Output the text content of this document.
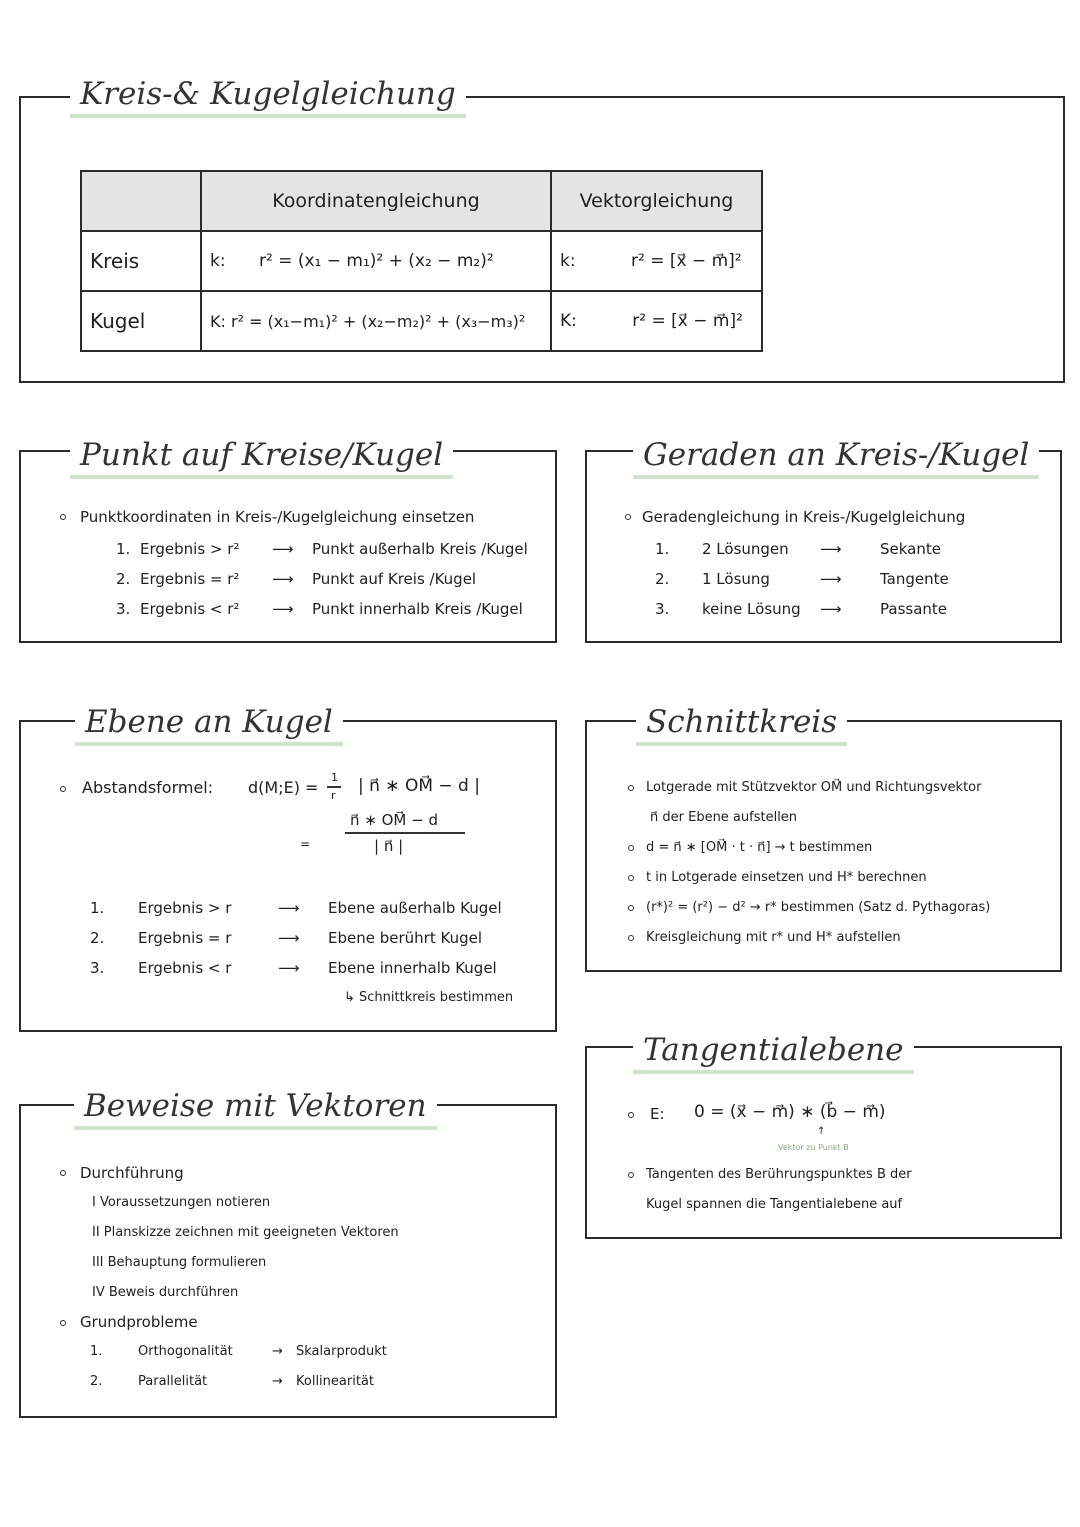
Kreis-& Kugelgleichung
	Koordinatengleichung	Vektorgleichung
Kreis	k: r² = (x₁ − m₁)² + (x₂ − m₂)²	k: r² = [x⃗ − m⃗]²
Kugel	K: r² = (x₁−m₁)² + (x₂−m₂)² + (x₃−m₃)²	K: r² = [x⃗ − m⃗]²
Punkt auf Kreise/Kugel
Punktkoordinaten in Kreis-/Kugelgleichung einsetzen
1. Ergebnis > r² ⟶ Punkt außerhalb Kreis /Kugel
2. Ergebnis = r² ⟶ Punkt auf Kreis /Kugel
3. Ergebnis < r² ⟶ Punkt innerhalb Kreis /Kugel
Geraden an Kreis-/Kugel
Geradengleichung in Kreis-/Kugelgleichung
1. 2 Lösungen ⟶	Sekante
2. 1 Lösung	⟶	Tangente
3. keine Lösung ⟶	Passante
Ebene an Kugel
Abstandsformel: d(M;E) =
1
r | n⃗ ∗ OM⃗ − d |
n⃗ ∗ OM⃗ − d
=	| n⃗ |
1. Ergebnis > r	⟶ Ebene außerhalb Kugel
2. Ergebnis = r	⟶ Ebene berührt Kugel
3. Ergebnis < r	⟶ Ebene innerhalb Kugel
↳ Schnittkreis bestimmen
Schnittkreis
Lotgerade mit Stützvektor OM⃗ und Richtungsvektor
n⃗ der Ebene aufstellen
d = n⃗ ∗ [OM⃗ · t · n⃗] → t bestimmen
t in Lotgerade einsetzen und H* berechnen
(r*)² = (r²) − d² → r* bestimmen (Satz d. Pythagoras)
Kreisgleichung mit r* und H* aufstellen
Tangentialebene
E: 0 = (x⃗ − m⃗) ∗ (b⃗ − m⃗)
↑
Vektor zu Punkt B
Tangenten des Berührungspunktes B der
Kugel spannen die Tangentialebene auf
Beweise mit Vektoren
Durchführung
I Voraussetzungen notieren
II Planskizze zeichnen mit geeigneten Vektoren
III Behauptung formulieren
IV Beweis durchführen
Grundprobleme
1.	Orthogonalität	→ Skalarprodukt
2.	Parallelität	→ Kollinearität
